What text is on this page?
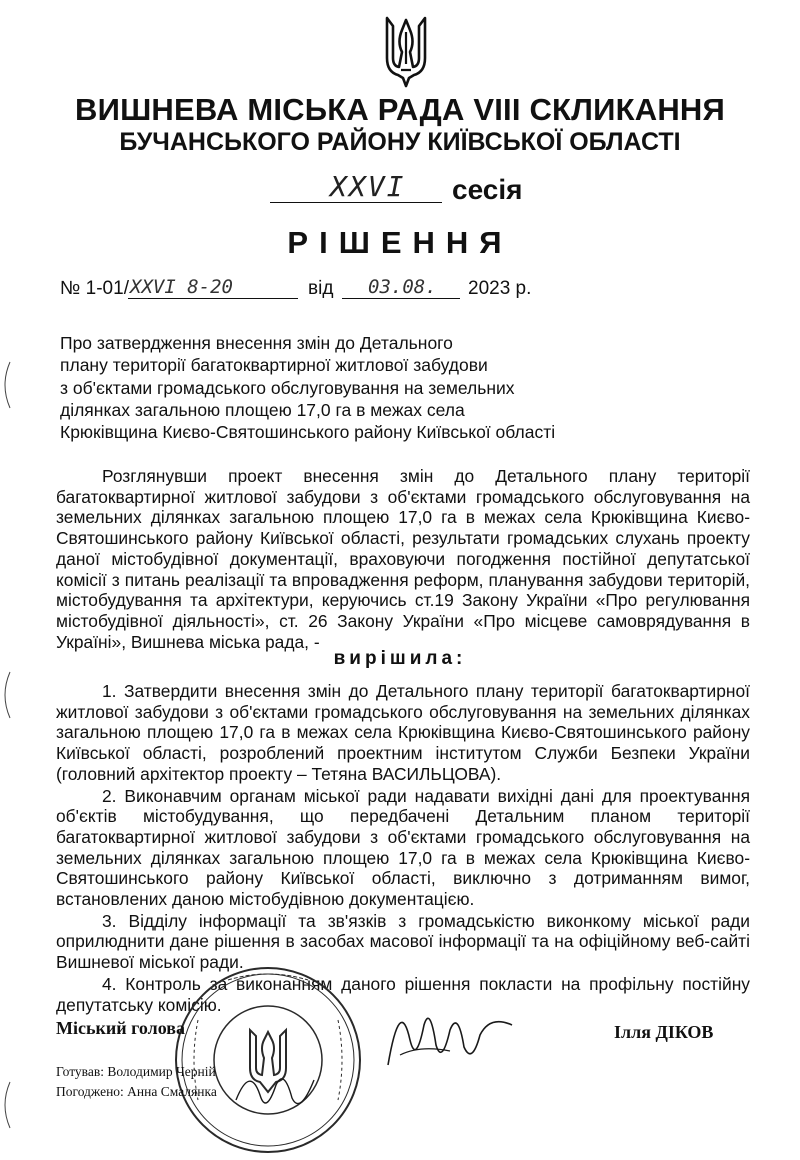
ВИШНЕВА МІСЬКА РАДА VIII СКЛИКАННЯ
БУЧАНСЬКОГО РАЙОНУ КИЇВСЬКОЇ ОБЛАСТІ
XXVI сесія
РІШЕННЯ
№ 1-01/ XXVI 8-20	від 03.08. 2023 р.
Про затвердження внесення змін до Детального
плану території багатоквартирної житлової забудови
з об'єктами громадського обслуговування на земельних
ділянках загальною площею 17,0 га в межах села
Крюківщина Києво-Святошинського району Київської області

Розглянувши проект внесення змін до Детального плану території багатоквартирної житлової забудови з об'єктами громадського обслуговування на земельних ділянках загальною площею 17,0 га в межах села Крюківщина Києво-Святошинського району Київської області, результати громадських слухань проекту даної містобудівної документації, враховуючи погодження постійної депутатської комісії з питань реалізації та впровадження реформ, планування забудови територій, містобудування та архітектури, керуючись ст.19 Закону України «Про регулювання містобудівної діяльності», ст. 26 Закону України «Про місцеве самоврядування в Україні», Вишнева міська рада, -

вирішила:

1. Затвердити внесення змін до Детального плану території багатоквартирної житлової забудови з об'єктами громадського обслуговування на земельних ділянках загальною площею 17,0 га в межах села Крюківщина Києво-Святошинського району Київської області, розроблений проектним інститутом Служби Безпеки України (головний архітектор проекту – Тетяна ВАСИЛЬЦОВА).

2. Виконавчим органам міської ради надавати вихідні дані для проектування об'єктів містобудування, що передбачені Детальним планом території багатоквартирної житлової забудови з об'єктами громадського обслуговування на земельних ділянках загальною площею 17,0 га в межах села Крюківщина Києво-Святошинського району Київської області, виключно з дотриманням вимог, встановлених даною містобудівною документацією.

3. Відділу інформації та зв'язків з громадськістю виконкому міської ради оприлюднити дане рішення в засобах масової інформації та на офіційному веб-сайті Вишневої міської ради.

4. Контроль за виконанням даного рішення покласти на профільну постійну депутатську комісію.

Міський голова	Ілля ДІКОВ
Готував: Володимир Черній
Погоджено: Анна Смалянка
